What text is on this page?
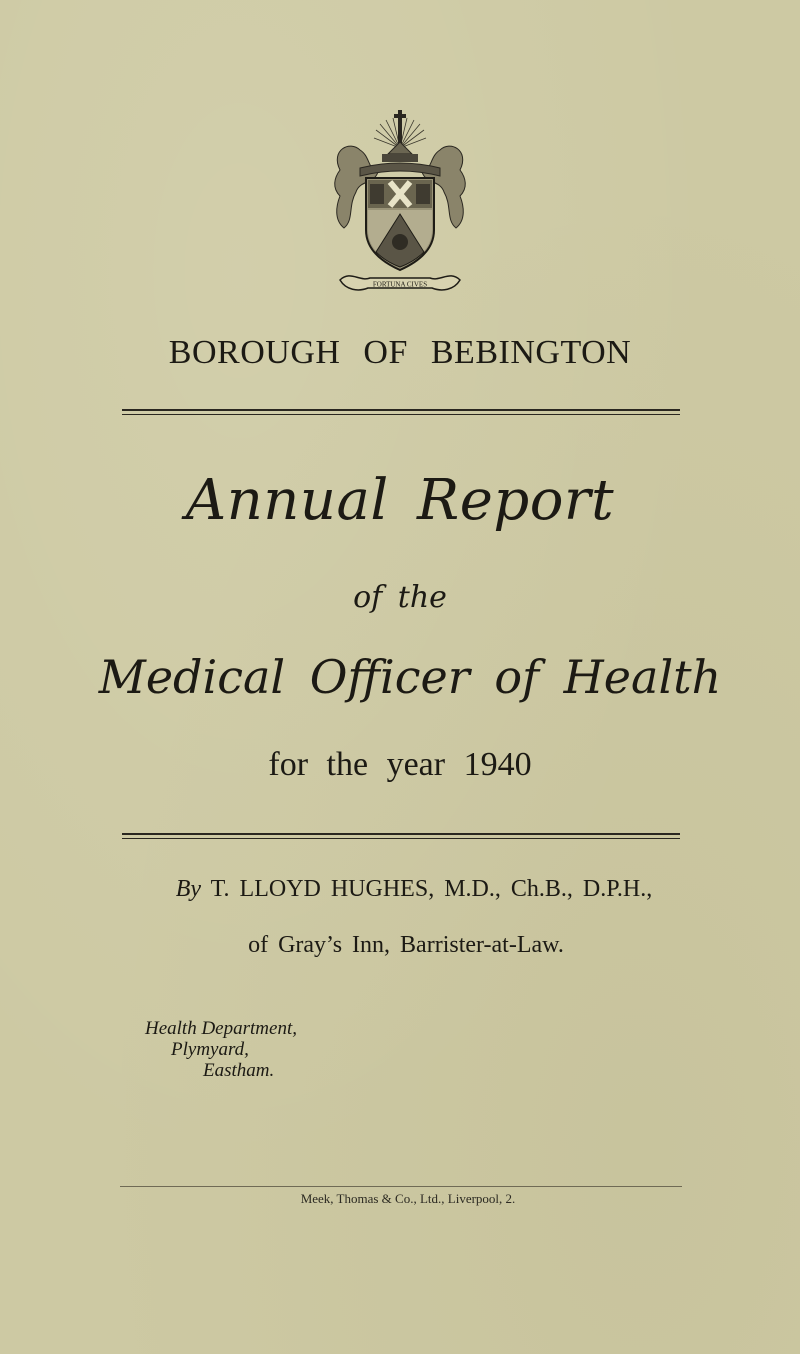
FORTUNA CIVES
BOROUGH OF BEBINGTON
Annual Report
of the
Medical Officer of Health
for the year 1940
By T. LLOYD HUGHES, M.D., Ch.B., D.P.H.,
of Gray’s Inn, Barrister-at-Law.
Health Department,
Plymyard,
Eastham.
Meek, Thomas & Co., Ltd., Liverpool, 2.
